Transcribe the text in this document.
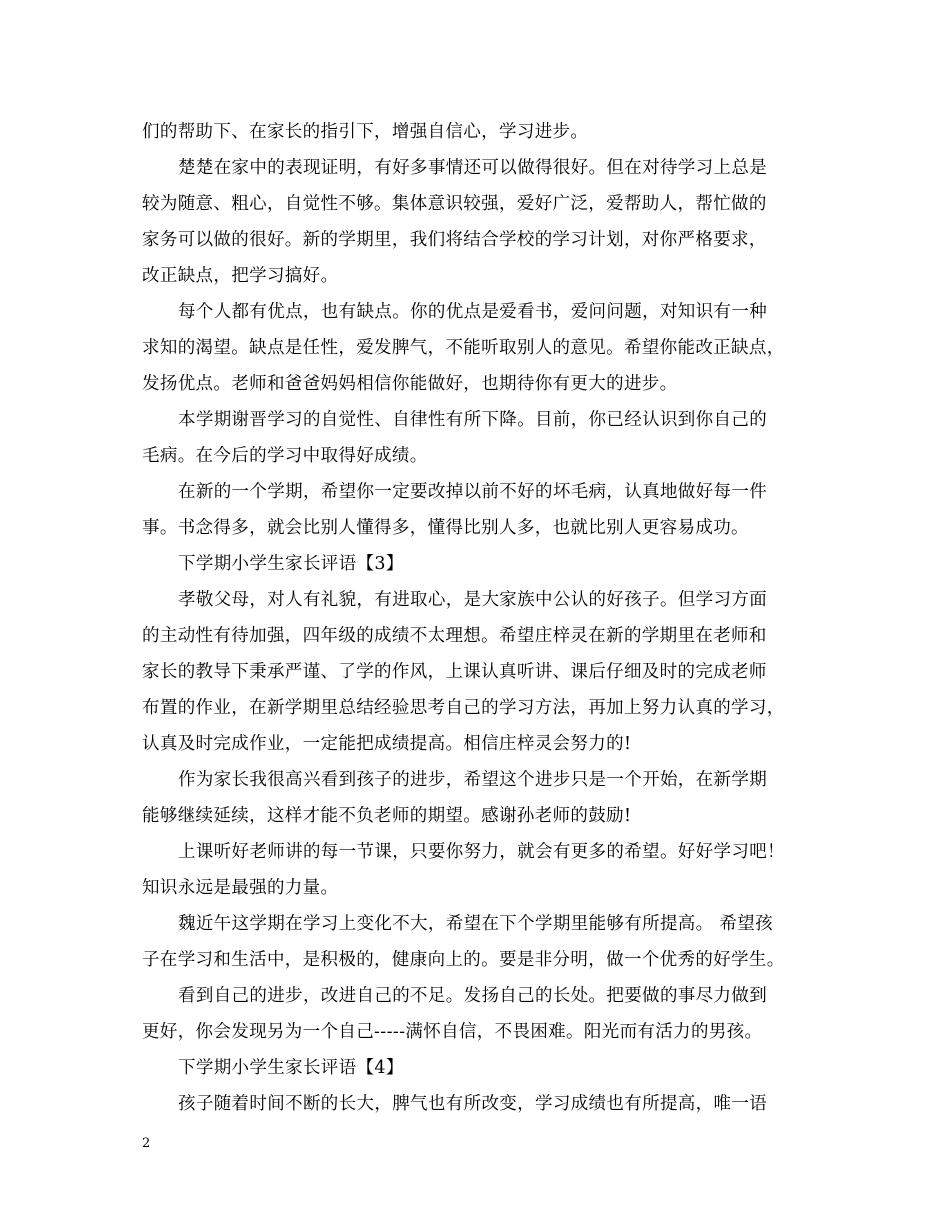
们的帮助下、在家长的指引下，增强自信心，学习进步。
楚楚在家中的表现证明，有好多事情还可以做得很好。但在对待学习上总是
较为随意、粗心，自觉性不够。集体意识较强，爱好广泛，爱帮助人，帮忙做的
家务可以做的很好。新的学期里，我们将结合学校的学习计划，对你严格要求，
改正缺点，把学习搞好。
每个人都有优点，也有缺点。你的优点是爱看书，爱问问题，对知识有一种
求知的渴望。缺点是任性，爱发脾气，不能听取别人的意见。希望你能改正缺点，
发扬优点。老师和爸爸妈妈相信你能做好，也期待你有更大的进步。
本学期谢晋学习的自觉性、自律性有所下降。目前，你已经认识到你自己的
毛病。在今后的学习中取得好成绩。
在新的一个学期，希望你一定要改掉以前不好的坏毛病，认真地做好每一件
事。书念得多，就会比别人懂得多，懂得比别人多，也就比别人更容易成功。
下学期小学生家长评语【3】
孝敬父母，对人有礼貌，有进取心，是大家族中公认的好孩子。但学习方面
的主动性有待加强，四年级的成绩不太理想。希望庄梓灵在新的学期里在老师和
家长的教导下秉承严谨、了学的作风，上课认真听讲、课后仔细及时的完成老师
布置的作业，在新学期里总结经验思考自己的学习方法，再加上努力认真的学习，
认真及时完成作业，一定能把成绩提高。相信庄梓灵会努力的!
作为家长我很高兴看到孩子的进步，希望这个进步只是一个开始，在新学期
能够继续延续，这样才能不负老师的期望。感谢孙老师的鼓励!
上课听好老师讲的每一节课，只要你努力，就会有更多的希望。好好学习吧！
知识永远是最强的力量。
魏近午这学期在学习上变化不大，希望在下个学期里能够有所提高。 希望孩
子在学习和生活中，是积极的，健康向上的。要是非分明，做一个优秀的好学生。
看到自己的进步，改进自己的不足。发扬自己的长处。把要做的事尽力做到
更好，你会发现另为一个自己-----满怀自信，不畏困难。阳光而有活力的男孩。
下学期小学生家长评语【4】
孩子随着时间不断的长大，脾气也有所改变，学习成绩也有所提高，唯一语
2
